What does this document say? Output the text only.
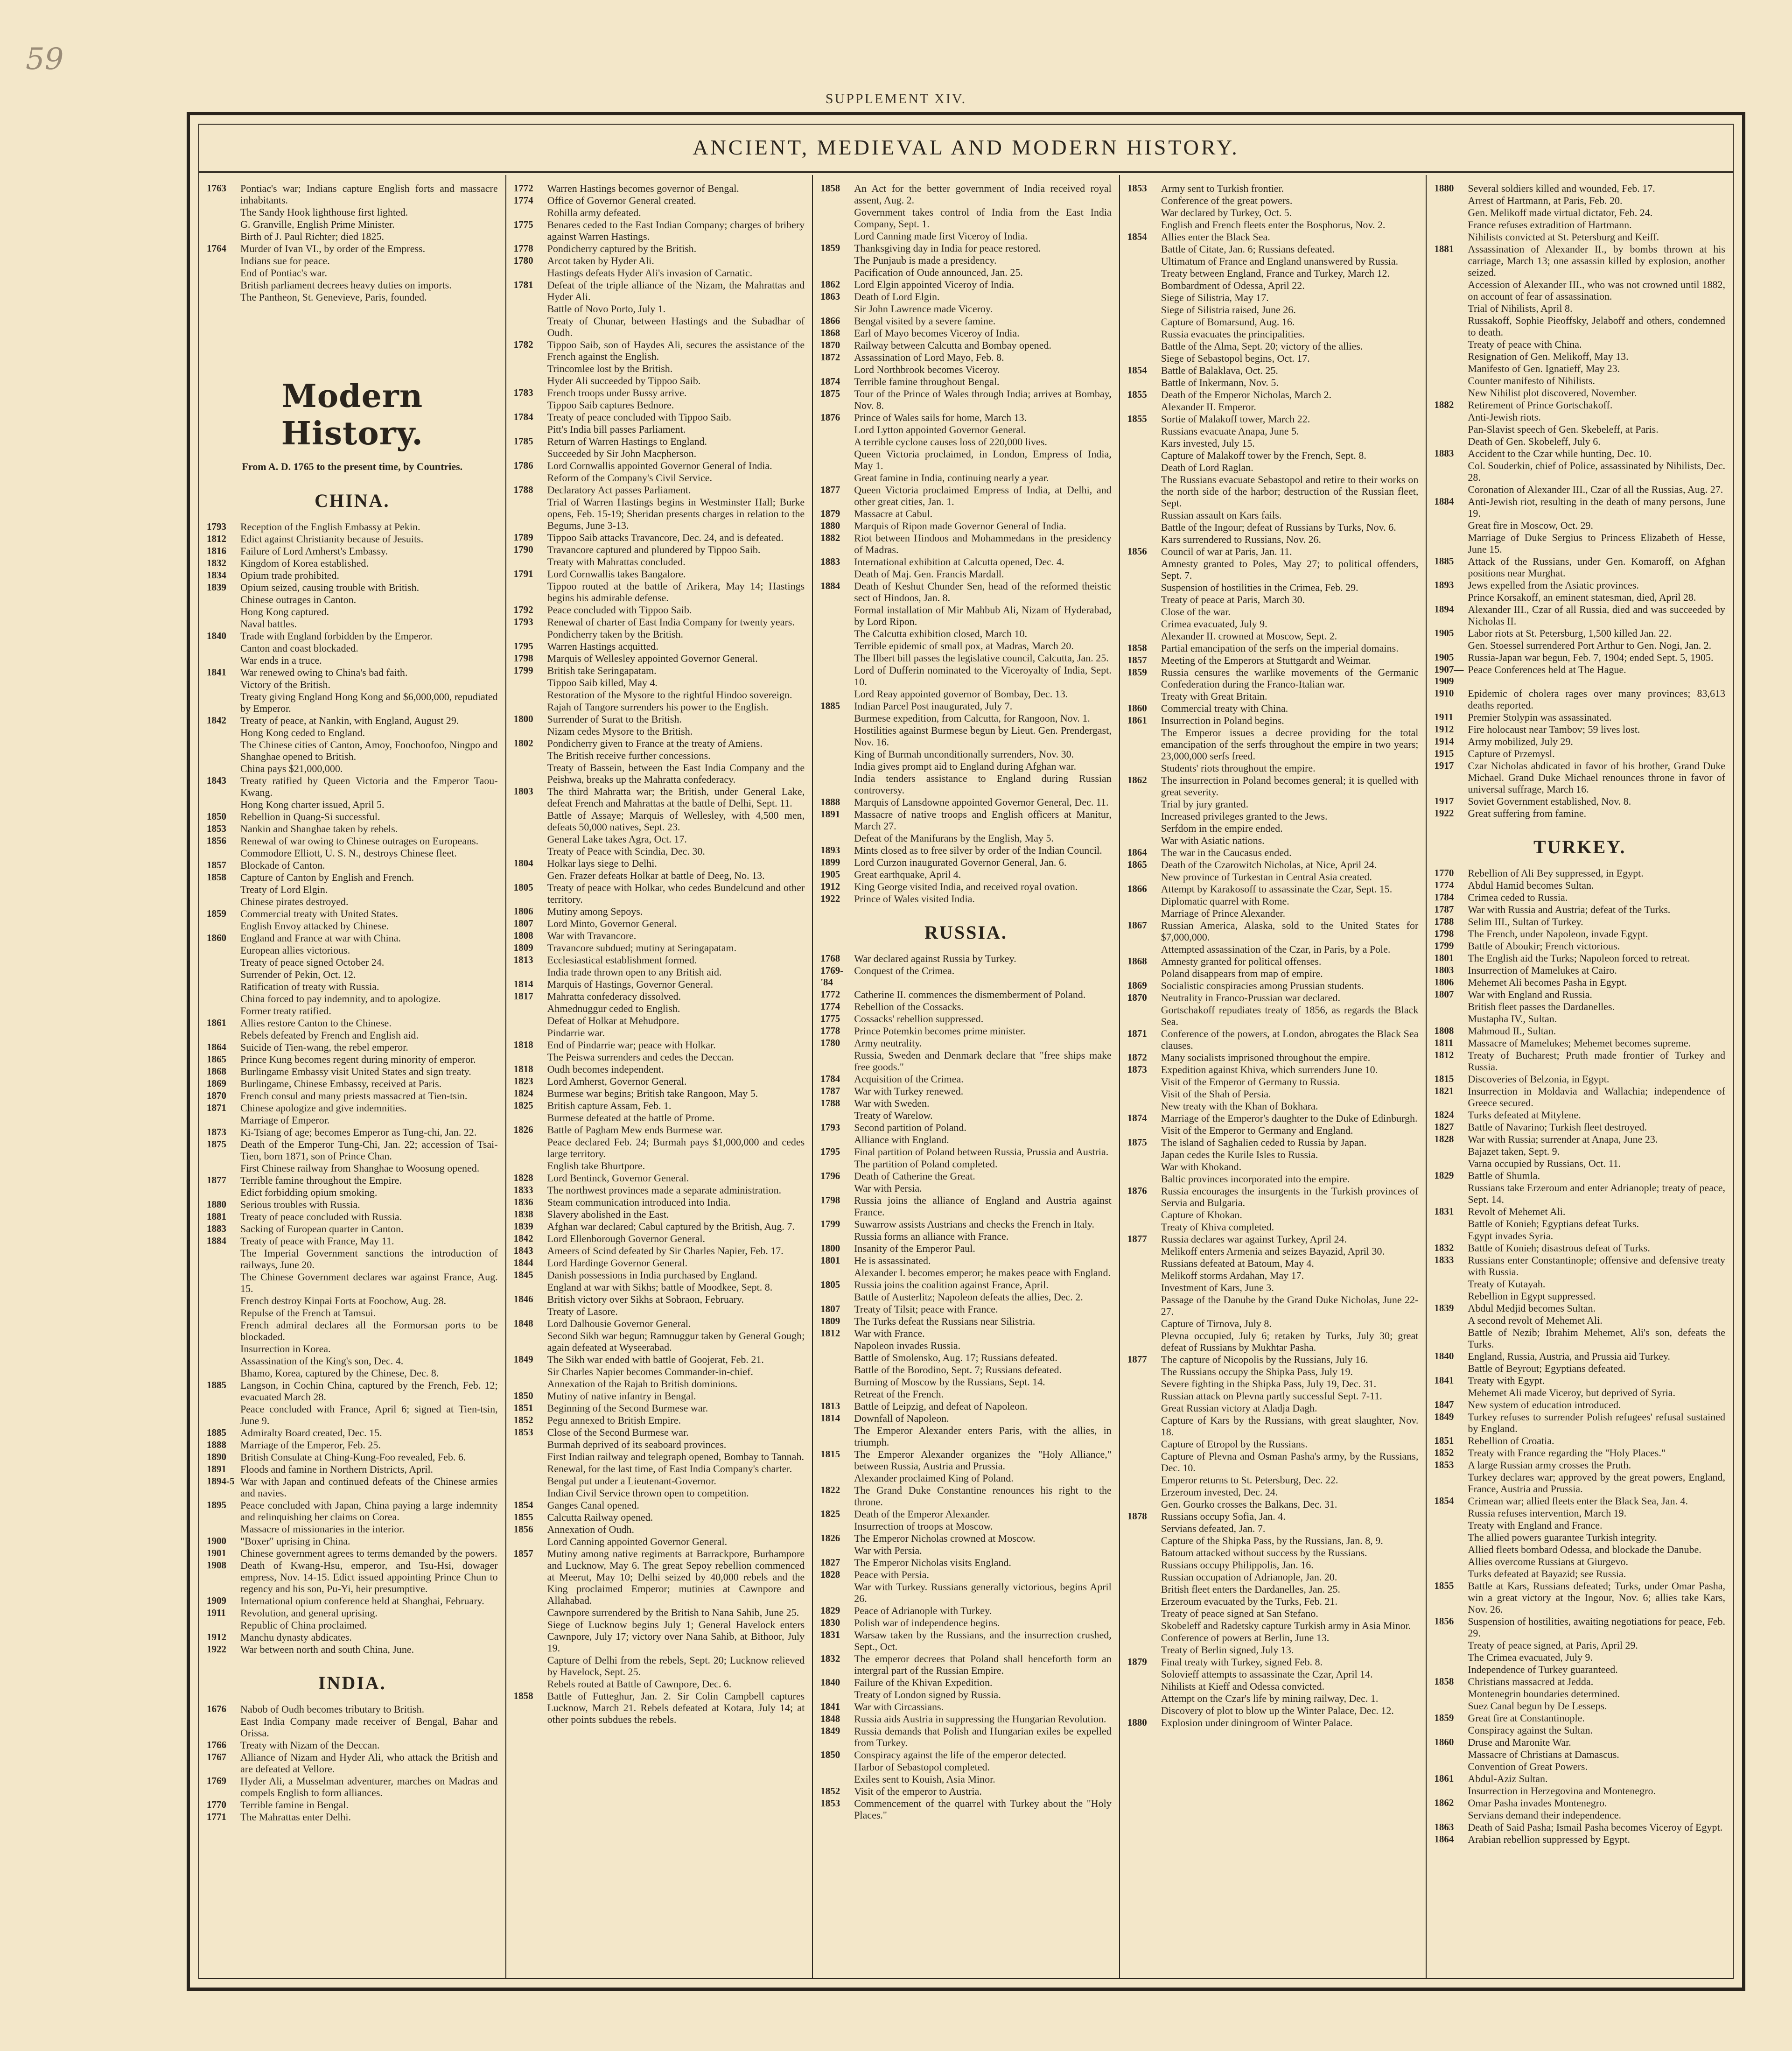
59
SUPPLEMENT XIV.
ANCIENT, MEDIEVAL AND MODERN HISTORY.
1763	Pontiac's war; Indians capture English forts and massacre inhabitants.
The Sandy Hook lighthouse first lighted.
G. Granville, English Prime Minister.
Birth of J. Paul Richter; died 1825.
1764	Murder of Ivan VI., by order of the Empress.
Indians sue for peace.
End of Pontiac's war.
British parliament decrees heavy duties on imports.
The Pantheon, St. Genevieve, Paris, founded.
Modern History.
From A. D. 1765 to the present time, by Countries.
CHINA.
1793	Reception of the English Embassy at Pekin.
1812	Edict against Christianity because of Jesuits.
1816	Failure of Lord Amherst's Embassy.
1832	Kingdom of Korea established.
1834	Opium trade prohibited.
1839	Opium seized, causing trouble with British.
Chinese outrages in Canton.
Hong Kong captured.
Naval battles.
1840	Trade with England forbidden by the Emperor.
Canton and coast blockaded.
War ends in a truce.
1841	War renewed owing to China's bad faith.
Victory of the British.
Treaty giving England Hong Kong and $6,000,000, repudiated by Emperor.
1842	Treaty of peace, at Nankin, with England, August 29.
Hong Kong ceded to England.
The Chinese cities of Canton, Amoy, Foochoofoo, Ningpo and Shanghae opened to British.
China pays $21,000,000.
1843	Treaty ratified by Queen Victoria and the Emperor Taou-Kwang.
Hong Kong charter issued, April 5.
1850	Rebellion in Quang-Si successful.
1853	Nankin and Shanghae taken by rebels.
1856	Renewal of war owing to Chinese outrages on Europeans.
Commodore Elliott, U. S. N., destroys Chinese fleet.
1857	Blockade of Canton.
1858	Capture of Canton by English and French.
Treaty of Lord Elgin.
Chinese pirates destroyed.
1859	Commercial treaty with United States.
English Envoy attacked by Chinese.
1860	England and France at war with China.
European allies victorious.
Treaty of peace signed October 24.
Surrender of Pekin, Oct. 12.
Ratification of treaty with Russia.
China forced to pay indemnity, and to apologize.
Former treaty ratified.
1861	Allies restore Canton to the Chinese.
Rebels defeated by French and English aid.
1864	Suicide of Tien-wang, the rebel emperor.
1865	Prince Kung becomes regent during minority of emperor.
1868	Burlingame Embassy visit United States and sign treaty.
1869	Burlingame, Chinese Embassy, received at Paris.
1870	French consul and many priests massacred at Tien-tsin.
1871	Chinese apologize and give indemnities.
Marriage of Emperor.
1873	Ki-Tsiang of age; becomes Emperor as Tung-chi, Jan. 22.
1875	Death of the Emperor Tung-Chi, Jan. 22; accession of Tsai-Tien, born 1871, son of Prince Chan.
First Chinese railway from Shanghae to Woosung opened.
1877	Terrible famine throughout the Empire.
Edict forbidding opium smoking.
1880	Serious troubles with Russia.
1881	Treaty of peace concluded with Russia.
1883	Sacking of European quarter in Canton.
1884	Treaty of peace with France, May 11.
The Imperial Government sanctions the introduction of railways, June 20.
The Chinese Government declares war against France, Aug. 15.
French destroy Kinpai Forts at Foochow, Aug. 28.
Repulse of the French at Tamsui.
French admiral declares all the Formorsan ports to be blockaded.
Insurrection in Korea.
Assassination of the King's son, Dec. 4.
Bhamo, Korea, captured by the Chinese, Dec. 8.
1885	Langson, in Cochin China, captured by the French, Feb. 12; evacuated March 28.
Peace concluded with France, April 6; signed at Tien-tsin, June 9.
1885	Admiralty Board created, Dec. 15.
1888	Marriage of the Emperor, Feb. 25.
1890	British Consulate at Ching-Kung-Foo revealed, Feb. 6.
1891	Floods and famine in Northern Districts, April.
1894-5 War with Japan and continued defeats of the Chinese armies and navies.
1895	Peace concluded with Japan, China paying a large indemnity and relinquishing her claims on Corea.
Massacre of missionaries in the interior.
1900	"Boxer" uprising in China.
1901	Chinese government agrees to terms demanded by the powers.
1908	Death of Kwang-Hsu, emperor, and Tsu-Hsi, dowager empress, Nov. 14-15. Edict issued appointing Prince Chun to regency and his son, Pu-Yi, heir presumptive.
1909	International opium conference held at Shanghai, February.
1911	Revolution, and general uprising.
Republic of China proclaimed.
1912	Manchu dynasty abdicates.
1922	War between north and south China, June.
INDIA.
1676	Nabob of Oudh becomes tributary to British.
East India Company made receiver of Bengal, Bahar and Orissa.
1766	Treaty with Nizam of the Deccan.
1767	Alliance of Nizam and Hyder Ali, who attack the British and are defeated at Vellore.
1769	Hyder Ali, a Musselman adventurer, marches on Madras and compels English to form alliances.
1770	Terrible famine in Bengal.
1771	The Mahrattas enter Delhi.
1772	Warren Hastings becomes governor of Bengal.
1774	Office of Governor General created.
Rohilla army defeated.
1775	Benares ceded to the East Indian Company; charges of bribery against Warren Hastings.
1778	Pondicherry captured by the British.
1780	Arcot taken by Hyder Ali.
Hastings defeats Hyder Ali's invasion of Carnatic.
1781	Defeat of the triple alliance of the Nizam, the Mahrattas and Hyder Ali.
Battle of Novo Porto, July 1.
Treaty of Chunar, between Hastings and the Subadhar of Oudh.
1782	Tippoo Saib, son of Haydes Ali, secures the assistance of the French against the English.
Trincomlee lost by the British.
Hyder Ali succeeded by Tippoo Saib.
1783	French troops under Bussy arrive.
Tippoo Saib captures Bednore.
1784	Treaty of peace concluded with Tippoo Saib.
Pitt's India bill passes Parliament.
1785	Return of Warren Hastings to England.
Succeeded by Sir John Macpherson.
1786	Lord Cornwallis appointed Governor General of India.
Reform of the Company's Civil Service.
1788	Declaratory Act passes Parliament.
Trial of Warren Hastings begins in Westminster Hall; Burke opens, Feb. 15-19; Sheridan presents charges in relation to the Begums, June 3-13.
1789	Tippoo Saib attacks Travancore, Dec. 24, and is defeated.
1790	Travancore captured and plundered by Tippoo Saib.
Treaty with Mahrattas concluded.
1791	Lord Cornwallis takes Bangalore.
Tippoo routed at the battle of Arikera, May 14; Hastings begins his admirable defense.
1792	Peace concluded with Tippoo Saib.
1793	Renewal of charter of East India Company for twenty years.
Pondicherry taken by the British.
1795	Warren Hastings acquitted.
1798	Marquis of Wellesley appointed Governor General.
1799	British take Seringapatam.
Tippoo Saib killed, May 4.
Restoration of the Mysore to the rightful Hindoo sovereign.
Rajah of Tangore surrenders his power to the English.
1800	Surrender of Surat to the British.
Nizam cedes Mysore to the British.
1802	Pondicherry given to France at the treaty of Amiens.
The British receive further concessions.
Treaty of Bassein, between the East India Company and the Peishwa, breaks up the Mahratta confederacy.
1803	The third Mahratta war; the British, under General Lake, defeat French and Mahrattas at the battle of Delhi, Sept. 11.
Battle of Assaye; Marquis of Wellesley, with 4,500 men, defeats 50,000 natives, Sept. 23.
General Lake takes Agra, Oct. 17.
Treaty of Peace with Scindia, Dec. 30.
1804	Holkar lays siege to Delhi.
Gen. Frazer defeats Holkar at battle of Deeg, No. 13.
1805	Treaty of peace with Holkar, who cedes Bundelcund and other territory.
1806	Mutiny among Sepoys.
1807	Lord Minto, Governor General.
1808	War with Travancore.
1809	Travancore subdued; mutiny at Seringapatam.
1813	Ecclesiastical establishment formed.
India trade thrown open to any British aid.
1814	Marquis of Hastings, Governor General.
1817	Mahratta confederacy dissolved.
Ahmednuggur ceded to English.
Defeat of Holkar at Mehudpore.
Pindarrie war.
1818	End of Pindarrie war; peace with Holkar.
The Peiswa surrenders and cedes the Deccan.
1818	Oudh becomes independent.
1823	Lord Amherst, Governor General.
1824	Burmese war begins; British take Rangoon, May 5.
1825	British capture Assam, Feb. 1.
Burmese defeated at the battle of Prome.
1826	Battle of Pagham Mew ends Burmese war.
Peace declared Feb. 24; Burmah pays $1,000,000 and cedes large territory.
English take Bhurtpore.
1828	Lord Bentinck, Governor General.
1833	The northwest provinces made a separate administration.
1836	Steam communication introduced into India.
1838	Slavery abolished in the East.
1839	Afghan war declared; Cabul captured by the British, Aug. 7.
1842	Lord Ellenborough Governor General.
1843	Ameers of Scind defeated by Sir Charles Napier, Feb. 17.
1844	Lord Hardinge Governor General.
1845	Danish possessions in India purchased by England.
England at war with Sikhs; battle of Moodkee, Sept. 8.
1846	British victory over Sikhs at Sobraon, February.
Treaty of Lasore.
1848	Lord Dalhousie Governor General.
Second Sikh war begun; Ramnuggur taken by General Gough; again defeated at Wyseerabad.
1849	The Sikh war ended with battle of Goojerat, Feb. 21.
Sir Charles Napier becomes Commander-in-chief.
Annexation of the Rajah to British dominions.
1850	Mutiny of native infantry in Bengal.
1851	Beginning of the Second Burmese war.
1852	Pegu annexed to British Empire.
1853	Close of the Second Burmese war.
Burmah deprived of its seaboard provinces.
First Indian railway and telegraph opened, Bombay to Tannah.
Renewal, for the last time, of East India Company's charter.
Bengal put under a Lieutenant-Governor.
Indian Civil Service thrown open to competition.
1854	Ganges Canal opened.
1855	Calcutta Railway opened.
1856	Annexation of Oudh.
Lord Canning appointed Governor General.
1857	Mutiny among native regiments at Barrackpore, Burhampore and Lucknow, May 6. The great Sepoy rebellion commenced at Meerut, May 10; Delhi seized by 40,000 rebels and the King proclaimed Emperor; mutinies at Cawnpore and Allahabad.
Cawnpore surrendered by the British to Nana Sahib, June 25.
Siege of Lucknow begins July 1; General Havelock enters Cawnpore, July 17; victory over Nana Sahib, at Bithoor, July 19.
Capture of Delhi from the rebels, Sept. 20; Lucknow relieved by Havelock, Sept. 25.
Rebels routed at Battle of Cawnpore, Dec. 6.
1858	Battle of Futteghur, Jan. 2. Sir Colin Campbell captures Lucknow, March 21. Rebels defeated at Kotara, July 14; at other points subdues the rebels.
1858	An Act for the better government of India received royal assent, Aug. 2.
Government takes control of India from the East India Company, Sept. 1.
Lord Canning made first Viceroy of India.
1859	Thanksgiving day in India for peace restored.
The Punjaub is made a presidency.
Pacification of Oude announced, Jan. 25.
1862	Lord Elgin appointed Viceroy of India.
1863	Death of Lord Elgin.
Sir John Lawrence made Viceroy.
1866	Bengal visited by a severe famine.
1868	Earl of Mayo becomes Viceroy of India.
1870	Railway between Calcutta and Bombay opened.
1872	Assassination of Lord Mayo, Feb. 8.
Lord Northbrook becomes Viceroy.
1874	Terrible famine throughout Bengal.
1875	Tour of the Prince of Wales through India; arrives at Bombay, Nov. 8.
1876	Prince of Wales sails for home, March 13.
Lord Lytton appointed Governor General.
A terrible cyclone causes loss of 220,000 lives.
Queen Victoria proclaimed, in London, Empress of India, May 1.
Great famine in India, continuing nearly a year.
1877	Queen Victoria proclaimed Empress of India, at Delhi, and other great cities, Jan. 1.
1879	Massacre at Cabul.
1880	Marquis of Ripon made Governor General of India.
1882	Riot between Hindoos and Mohammedans in the presidency of Madras.
1883	International exhibition at Calcutta opened, Dec. 4.
Death of Maj. Gen. Francis Mardall.
1884	Death of Keshut Chunder Sen, head of the reformed theistic sect of Hindoos, Jan. 8.
Formal installation of Mir Mahbub Ali, Nizam of Hyderabad, by Lord Ripon.
The Calcutta exhibition closed, March 10.
Terrible epidemic of small pox, at Madras, March 20.
The Ilbert bill passes the legislative council, Calcutta, Jan. 25.
Lord of Dufferin nominated to the Viceroyalty of India, Sept. 10.
Lord Reay appointed governor of Bombay, Dec. 13.
1885	Indian Parcel Post inaugurated, July 7.
Burmese expedition, from Calcutta, for Rangoon, Nov. 1.
Hostilities against Burmese begun by Lieut. Gen. Prendergast, Nov. 16.
King of Burmah unconditionally surrenders, Nov. 30.
India gives prompt aid to England during Afghan war.
India tenders assistance to England during Russian controversy.
1888	Marquis of Lansdowne appointed Governor General, Dec. 11.
1891	Massacre of native troops and English officers at Manitur, March 27.
Defeat of the Manifurans by the English, May 5.
1893	Mints closed as to free silver by order of the Indian Council.
1899	Lord Curzon inaugurated Governor General, Jan. 6.
1905	Great earthquake, April 4.
1912	King George visited India, and received royal ovation.
1922	Prince of Wales visited India.
RUSSIA.
1768	War declared against Russia by Turkey.
1769-'84
Conquest of the Crimea.
1772	Catherine II. commences the dismemberment of Poland.
1774	Rebellion of the Cossacks.
1775	Cossacks' rebellion suppressed.
1778	Prince Potemkin becomes prime minister.
1780	Army neutrality.
Russia, Sweden and Denmark declare that "free ships make free goods."
1784	Acquisition of the Crimea.
1787	War with Turkey renewed.
1788	War with Sweden.
Treaty of Warelow.
1793	Second partition of Poland.
Alliance with England.
1795	Final partition of Poland between Russia, Prussia and Austria.
The partition of Poland completed.
1796	Death of Catherine the Great.
War with Persia.
1798	Russia joins the alliance of England and Austria against France.
1799	Suwarrow assists Austrians and checks the French in Italy.
Russia forms an alliance with France.
1800	Insanity of the Emperor Paul.
1801	He is assassinated.
Alexander I. becomes emperor; he makes peace with England.
1805	Russia joins the coalition against France, April.
Battle of Austerlitz; Napoleon defeats the allies, Dec. 2.
1807	Treaty of Tilsit; peace with France.
1809	The Turks defeat the Russians near Silistria.
1812	War with France.
Napoleon invades Russia.
Battle of Smolensko, Aug. 17; Russians defeated.
Battle of the Borodino, Sept. 7; Russians defeated.
Burning of Moscow by the Russians, Sept. 14.
Retreat of the French.
1813	Battle of Leipzig, and defeat of Napoleon.
1814	Downfall of Napoleon.
The Emperor Alexander enters Paris, with the allies, in triumph.
1815	The Emperor Alexander organizes the "Holy Alliance," between Russia, Austria and Prussia.
Alexander proclaimed King of Poland.
1822	The Grand Duke Constantine renounces his right to the throne.
1825	Death of the Emperor Alexander.
Insurrection of troops at Moscow.
1826	The Emperor Nicholas crowned at Moscow.
War with Persia.
1827	The Emperor Nicholas visits England.
1828	Peace with Persia.
War with Turkey. Russians generally victorious, begins April 26.
1829	Peace of Adrianople with Turkey.
1830	Polish war of independence begins.
1831	Warsaw taken by the Russians, and the insurrection crushed, Sept., Oct.
1832	The emperor decrees that Poland shall henceforth form an intergral part of the Russian Empire.
1840	Failure of the Khivan Expedition.
Treaty of London signed by Russia.
1841	War with Circassians.
1848	Russia aids Austria in suppressing the Hungarian Revolution.
1849	Russia demands that Polish and Hungarian exiles be expelled from Turkey.
1850	Conspiracy against the life of the emperor detected.
Harbor of Sebastopol completed.
Exiles sent to Kouish, Asia Minor.
1852	Visit of the emperor to Austria.
1853	Commencement of the quarrel with Turkey about the "Holy Places."
1853	Army sent to Turkish frontier.
Conference of the great powers.
War declared by Turkey, Oct. 5.
English and French fleets enter the Bosphorus, Nov. 2.
1854	Allies enter the Black Sea.
Battle of Citate, Jan. 6; Russians defeated.
Ultimatum of France and England unanswered by Russia.
Treaty between England, France and Turkey, March 12.
Bombardment of Odessa, April 22.
Siege of Silistria, May 17.
Siege of Silistria raised, June 26.
Capture of Bomarsund, Aug. 16.
Russia evacuates the principalities.
Battle of the Alma, Sept. 20; victory of the allies.
Siege of Sebastopol begins, Oct. 17.
1854	Battle of Balaklava, Oct. 25.
Battle of Inkermann, Nov. 5.
1855	Death of the Emperor Nicholas, March 2.
Alexander II. Emperor.
1855	Sortie of Malakoff tower, March 22.
Russians evacuate Anapa, June 5.
Kars invested, July 15.
Capture of Malakoff tower by the French, Sept. 8.
Death of Lord Raglan.
The Russians evacuate Sebastopol and retire to their works on the north side of the harbor; destruction of the Russian fleet, Sept.
Russian assault on Kars fails.
Battle of the Ingour; defeat of Russians by Turks, Nov. 6.
Kars surrendered to Russians, Nov. 26.
1856	Council of war at Paris, Jan. 11.
Amnesty granted to Poles, May 27; to political offenders, Sept. 7.
Suspension of hostilities in the Crimea, Feb. 29.
Treaty of peace at Paris, March 30.
Close of the war.
Crimea evacuated, July 9.
Alexander II. crowned at Moscow, Sept. 2.
1858	Partial emancipation of the serfs on the imperial domains.
1857	Meeting of the Emperors at Stuttgardt and Weimar.
1859	Russia censures the warlike movements of the Germanic Confederation during the Franco-Italian war.
Treaty with Great Britain.
1860	Commercial treaty with China.
1861	Insurrection in Poland begins.
The Emperor issues a decree providing for the total emancipation of the serfs throughout the empire in two years; 23,000,000 serfs freed.
Students' riots throughout the empire.
1862	The insurrection in Poland becomes general; it is quelled with great severity.
Trial by jury granted.
Increased privileges granted to the Jews.
Serfdom in the empire ended.
War with Asiatic nations.
1864	The war in the Caucasus ended.
1865	Death of the Czarowitch Nicholas, at Nice, April 24.
New province of Turkestan in Central Asia created.
1866	Attempt by Karakosoff to assassinate the Czar, Sept. 15.
Diplomatic quarrel with Rome.
Marriage of Prince Alexander.
1867	Russian America, Alaska, sold to the United States for $7,000,000.
Attempted assassination of the Czar, in Paris, by a Pole.
1868	Amnesty granted for political offenses.
Poland disappears from map of empire.
1869	Socialistic conspiracies among Prussian students.
1870	Neutrality in Franco-Prussian war declared.
Gortschakoff repudiates treaty of 1856, as regards the Black Sea.
1871	Conference of the powers, at London, abrogates the Black Sea clauses.
1872	Many socialists imprisoned throughout the empire.
1873	Expedition against Khiva, which surrenders June 10.
Visit of the Emperor of Germany to Russia.
Visit of the Shah of Persia.
New treaty with the Khan of Bokhara.
1874	Marriage of the Emperor's daughter to the Duke of Edinburgh.
Visit of the Emperor to Germany and England.
1875	The island of Saghalien ceded to Russia by Japan.
Japan cedes the Kurile Isles to Russia.
War with Khokand.
Baltic provinces incorporated into the empire.
1876	Russia encourages the insurgents in the Turkish provinces of Servia and Bulgaria.
Capture of Khokan.
Treaty of Khiva completed.
1877	Russia declares war against Turkey, April 24.
Melikoff enters Armenia and seizes Bayazid, April 30.
Russians defeated at Batoum, May 4.
Melikoff storms Ardahan, May 17.
Investment of Kars, June 3.
Passage of the Danube by the Grand Duke Nicholas, June 22-27.
Capture of Tirnova, July 8.
Plevna occupied, July 6; retaken by Turks, July 30; great defeat of Russians by Mukhtar Pasha.
1877	The capture of Nicopolis by the Russians, July 16.
The Russians occupy the Shipka Pass, July 19.
Severe fighting in the Shipka Pass, July 19, Dec. 31.
Russian attack on Plevna partly successful Sept. 7-11.
Great Russian victory at Aladja Dagh.
Capture of Kars by the Russians, with great slaughter, Nov. 18.
Capture of Etropol by the Russians.
Capture of Plevna and Osman Pasha's army, by the Russians, Dec. 10.
Emperor returns to St. Petersburg, Dec. 22.
Erzeroum invested, Dec. 24.
Gen. Gourko crosses the Balkans, Dec. 31.
1878	Russians occupy Sofia, Jan. 4.
Servians defeated, Jan. 7.
Capture of the Shipka Pass, by the Russians, Jan. 8, 9.
Batoum attacked without success by the Russians.
Russians occupy Philippolis, Jan. 16.
Russian occupation of Adrianople, Jan. 20.
British fleet enters the Dardanelles, Jan. 25.
Erzeroum evacuated by the Turks, Feb. 21.
Treaty of peace signed at San Stefano.
Skobeleff and Radetsky capture Turkish army in Asia Minor.
Conference of powers at Berlin, June 13.
Treaty of Berlin signed, July 13.
1879	Final treaty with Turkey, signed Feb. 8.
Solovieff attempts to assassinate the Czar, April 14.
Nihilists at Kieff and Odessa convicted.
Attempt on the Czar's life by mining railway, Dec. 1.
Discovery of plot to blow up the Winter Palace, Dec. 12.
1880	Explosion under diningroom of Winter Palace.
1880	Several soldiers killed and wounded, Feb. 17.
Arrest of Hartmann, at Paris, Feb. 20.
Gen. Melikoff made virtual dictator, Feb. 24.
France refuses extradition of Hartmann.
Nihilists convicted at St. Petersburg and Keiff.
1881	Assassination of Alexander II., by bombs thrown at his carriage, March 13; one assassin killed by explosion, another seized.
Accession of Alexander III., who was not crowned until 1882, on account of fear of assassination.
Trial of Nihilists, April 8.
Russakoff, Sophie Pieoffsky, Jelaboff and others, condemned to death.
Treaty of peace with China.
Resignation of Gen. Melikoff, May 13.
Manifesto of Gen. Ignatieff, May 23.
Counter manifesto of Nihilists.
New Nihilist plot discovered, November.
1882	Retirement of Prince Gortschakoff.
Anti-Jewish riots.
Pan-Slavist speech of Gen. Skebeleff, at Paris.
Death of Gen. Skobeleff, July 6.
1883	Accident to the Czar while hunting, Dec. 10.
Col. Souderkin, chief of Police, assassinated by Nihilists, Dec. 28.
Coronation of Alexander III., Czar of all the Russias, Aug. 27.
1884	Anti-Jewish riot, resulting in the death of many persons, June 19.
Great fire in Moscow, Oct. 29.
Marriage of Duke Sergius to Princess Elizabeth of Hesse, June 15.
1885	Attack of the Russians, under Gen. Komaroff, on Afghan positions near Murghat.
1893	Jews expelled from the Asiatic provinces.
Prince Korsakoff, an eminent statesman, died, April 28.
1894	Alexander III., Czar of all Russia, died and was succeeded by Nicholas II.
1905	Labor riots at St. Petersburg, 1,500 killed Jan. 22.
Gen. Stoessel surrendered Port Arthur to Gen. Nogi, Jan. 2.
1905	Russia-Japan war begun, Feb. 7, 1904; ended Sept. 5, 1905.
1907—1909
Peace Conferences held at The Hague.
1910	Epidemic of cholera rages over many provinces; 83,613 deaths reported.
1911	Premier Stolypin was assassinated.
1912	Fire holocaust near Tambov; 59 lives lost.
1914	Army mobilized, July 29.
1915	Capture of Przemysl.
1917	Czar Nicholas abdicated in favor of his brother, Grand Duke Michael. Grand Duke Michael renounces throne in favor of universal suffrage, March 16.
1917	Soviet Government established, Nov. 8.
1922	Great suffering from famine.
TURKEY.
1770	Rebellion of Ali Bey suppressed, in Egypt.
1774	Abdul Hamid becomes Sultan.
1784	Crimea ceded to Russia.
1787	War with Russia and Austria; defeat of the Turks.
1788	Selim III., Sultan of Turkey.
1798	The French, under Napoleon, invade Egypt.
1799	Battle of Aboukir; French victorious.
1801	The English aid the Turks; Napoleon forced to retreat.
1803	Insurrection of Mamelukes at Cairo.
1806	Mehemet Ali becomes Pasha in Egypt.
1807	War with England and Russia.
British fleet passes the Dardanelles.
Mustapha IV., Sultan.
1808	Mahmoud II., Sultan.
1811	Massacre of Mamelukes; Mehemet becomes supreme.
1812	Treaty of Bucharest; Pruth made frontier of Turkey and Russia.
1815	Discoveries of Belzonia, in Egypt.
1821	Insurrection in Moldavia and Wallachia; independence of Greece secured.
1824	Turks defeated at Mitylene.
1827	Battle of Navarino; Turkish fleet destroyed.
1828	War with Russia; surrender at Anapa, June 23.
Bajazet taken, Sept. 9.
Varna occupied by Russians, Oct. 11.
1829	Battle of Shumla.
Russians take Erzeroum and enter Adrianople; treaty of peace, Sept. 14.
1831	Revolt of Mehemet Ali.
Battle of Konieh; Egyptians defeat Turks.
Egypt invades Syria.
1832	Battle of Konieh; disastrous defeat of Turks.
1833	Russians enter Constantinople; offensive and defensive treaty with Russia.
Treaty of Kutayah.
Rebellion in Egypt suppressed.
1839	Abdul Medjid becomes Sultan.
A second revolt of Mehemet Ali.
Battle of Nezib; Ibrahim Mehemet, Ali's son, defeats the Turks.
1840	England, Russia, Austria, and Prussia aid Turkey.
Battle of Beyrout; Egyptians defeated.
1841	Treaty with Egypt.
Mehemet Ali made Viceroy, but deprived of Syria.
1847	New system of education introduced.
1849	Turkey refuses to surrender Polish refugees' refusal sustained by England.
1851	Rebellion of Croatia.
1852	Treaty with France regarding the "Holy Places."
1853	A large Russian army crosses the Pruth.
Turkey declares war; approved by the great powers, England, France, Austria and Prussia.
1854	Crimean war; allied fleets enter the Black Sea, Jan. 4.
Russia refuses intervention, March 19.
Treaty with England and France.
The allied powers guarantee Turkish integrity.
Allied fleets bombard Odessa, and blockade the Danube.
Allies overcome Russians at Giurgevo.
Turks defeated at Bayazid; see Russia.
1855	Battle at Kars, Russians defeated; Turks, under Omar Pasha, win a great victory at the Ingour, Nov. 6; allies take Kars, Nov. 26.
1856	Suspension of hostilities, awaiting negotiations for peace, Feb. 29.
Treaty of peace signed, at Paris, April 29.
The Crimea evacuated, July 9.
Independence of Turkey guaranteed.
1858	Christians massacred at Jedda.
Montenegrin boundaries determined.
Suez Canal begun by De Lesseps.
1859	Great fire at Constantinople.
Conspiracy against the Sultan.
1860	Druse and Maronite War.
Massacre of Christians at Damascus.
Convention of Great Powers.
1861	Abdul-Aziz Sultan.
Insurrection in Herzegovina and Montenegro.
1862	Omar Pasha invades Montenegro.
Servians demand their independence.
1863	Death of Said Pasha; Ismail Pasha becomes Viceroy of Egypt.
1864	Arabian rebellion suppressed by Egypt.
